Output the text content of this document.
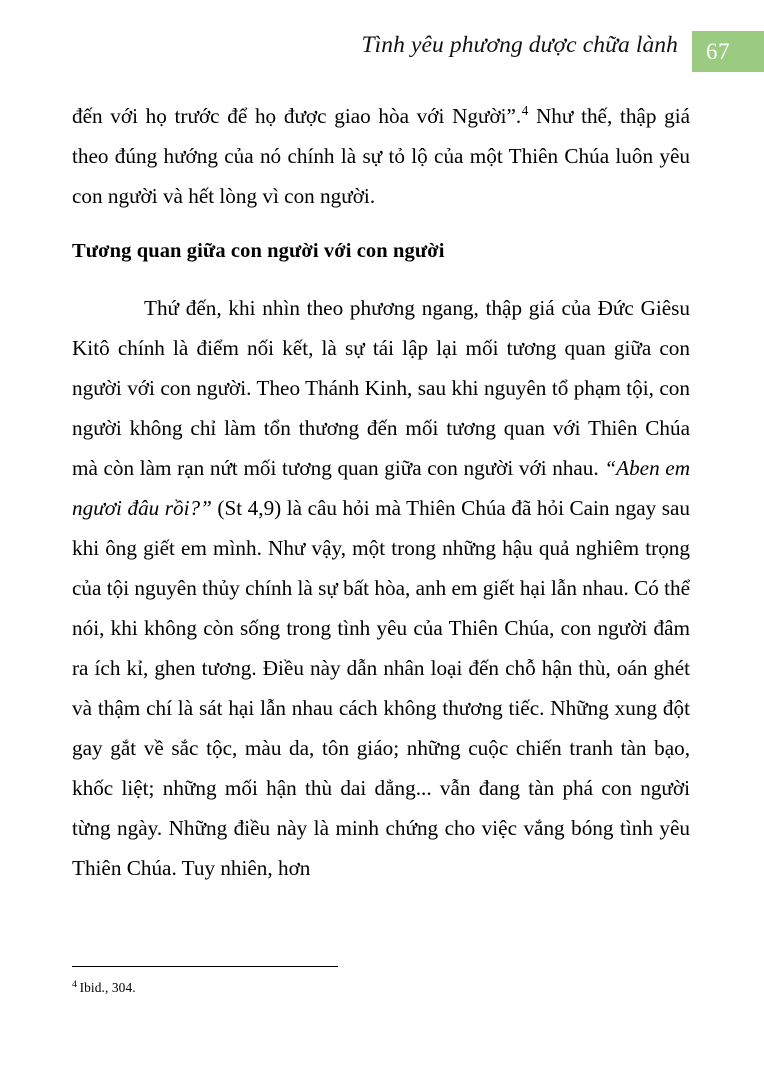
Tình yêu phương dược chữa lành	67

đến với họ trước để họ được giao hòa với Người”.$^4$ Như thế, thập giá theo đúng hướng của nó chính là sự tỏ lộ của một Thiên Chúa luôn yêu con người và hết lòng vì con người.

Tương quan giữa con người với con người

Thứ đến, khi nhìn theo phương ngang, thập giá của Đức Giêsu Kitô chính là điểm nối kết, là sự tái lập lại mối tương quan giữa con người với con người. Theo Thánh Kinh, sau khi nguyên tổ phạm tội, con người không chỉ làm tổn thương đến mối tương quan với Thiên Chúa mà còn làm rạn nứt mối tương quan giữa con người với nhau. “Aben em ngươi đâu rồi?” (St 4,9) là câu hỏi mà Thiên Chúa đã hỏi Cain ngay sau khi ông giết em mình. Như vậy, một trong những hậu quả nghiêm trọng của tội nguyên thủy chính là sự bất hòa, anh em giết hại lẫn nhau. Có thể nói, khi không còn sống trong tình yêu của Thiên Chúa, con người đâm ra ích kỉ, ghen tương. Điều này dẫn nhân loại đến chỗ hận thù, oán ghét và thậm chí là sát hại lẫn nhau cách không thương tiếc. Những xung đột gay gắt về sắc tộc, màu da, tôn giáo; những cuộc chiến tranh tàn bạo, khốc liệt; những mối hận thù dai dẳng... vẫn đang tàn phá con người từng ngày. Những điều này là minh chứng cho việc vắng bóng tình yêu Thiên Chúa. Tuy nhiên, hơn

$^4$ Ibid., 304.
